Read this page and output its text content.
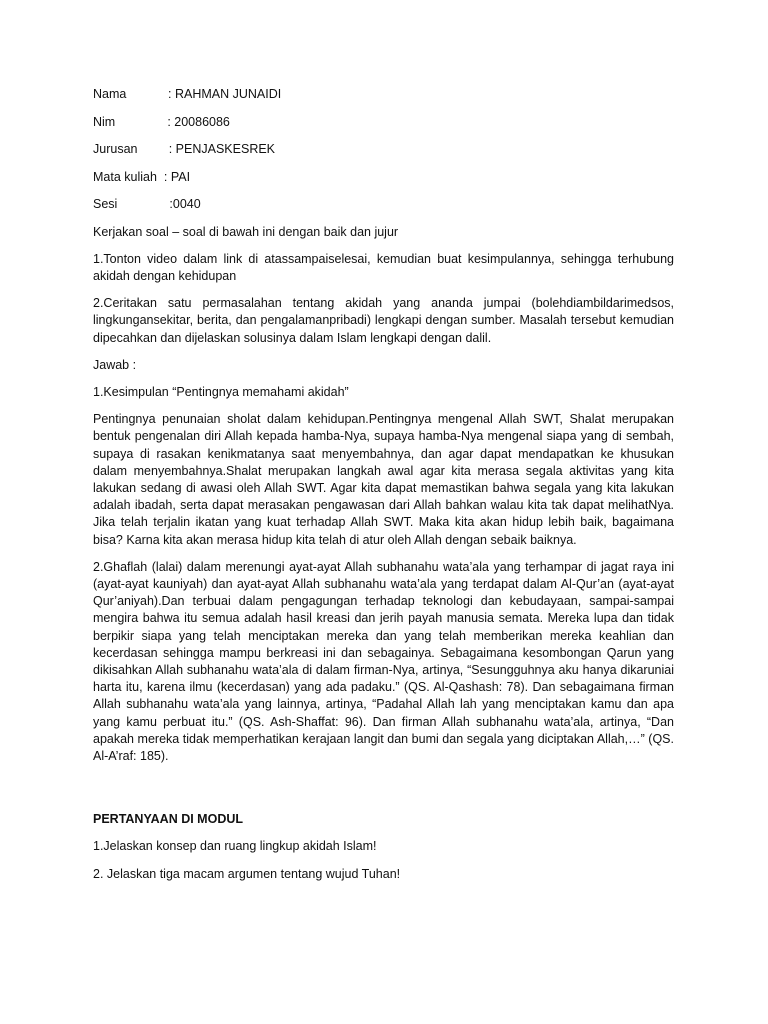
Nama : RAHMAN JUNAIDI
Nim : 20086086
Jurusan : PENJASKESREK
Mata kuliah : PAI
Sesi :0040

Kerjakan soal – soal di bawah ini dengan baik dan jujur

1.Tonton video dalam link di atassampaiselesai, kemudian buat kesimpulannya, sehingga terhubung akidah dengan kehidupan

2.Ceritakan satu permasalahan tentang akidah yang ananda jumpai (bolehdiambildarimedsos, lingkungansekitar, berita, dan pengalamanpribadi) lengkapi dengan sumber. Masalah tersebut kemudian dipecahkan dan dijelaskan solusinya dalam Islam lengkapi dengan dalil.

Jawab :

1.Kesimpulan “Pentingnya memahami akidah”

Pentingnya penunaian sholat dalam kehidupan.Pentingnya mengenal Allah SWT, Shalat merupakan bentuk pengenalan diri Allah kepada hamba-Nya, supaya hamba-Nya mengenal siapa yang di sembah, supaya di rasakan kenikmatanya saat menyembahnya, dan agar dapat mendapatkan ke khusukan dalam menyembahnya.Shalat merupakan langkah awal agar kita merasa segala aktivitas yang kita lakukan sedang di awasi oleh Allah SWT. Agar kita dapat memastikan bahwa segala yang kita lakukan adalah ibadah, serta dapat merasakan pengawasan dari Allah bahkan walau kita tak dapat melihatNya. Jika telah terjalin ikatan yang kuat terhadap Allah SWT. Maka kita akan hidup lebih baik, bagaimana bisa? Karna kita akan merasa hidup kita telah di atur oleh Allah dengan sebaik baiknya.

2.Ghaflah (lalai) dalam merenungi ayat-ayat Allah subhanahu wata’ala yang terhampar di jagat raya ini (ayat-ayat kauniyah) dan ayat-ayat Allah subhanahu wata’ala yang terdapat dalam Al-Qur’an (ayat-ayat Qur’aniyah).Dan terbuai dalam pengagungan terhadap teknologi dan kebudayaan, sampai-sampai mengira bahwa itu semua adalah hasil kreasi dan jerih payah manusia semata. Mereka lupa dan tidak berpikir siapa yang telah menciptakan mereka dan yang telah memberikan mereka keahlian dan kecerdasan sehingga mampu berkreasi ini dan sebagainya. Sebagaimana kesombongan Qarun yang dikisahkan Allah subhanahu wata’ala di dalam firman-Nya, artinya, “Sesungguhnya aku hanya dikaruniai harta itu, karena ilmu (kecerdasan) yang ada padaku.” (QS. Al-Qashash: 78). Dan sebagaimana firman Allah subhanahu wata’ala yang lainnya, artinya, “Padahal Allah lah yang menciptakan kamu dan apa yang kamu perbuat itu.” (QS. Ash-Shaffat: 96). Dan firman Allah subhanahu wata’ala, artinya, “Dan apakah mereka tidak memperhatikan kerajaan langit dan bumi dan segala yang diciptakan Allah,…” (QS. Al-A’raf: 185).

PERTANYAAN DI MODUL

1.Jelaskan konsep dan ruang lingkup akidah Islam!

2. Jelaskan tiga macam argumen tentang wujud Tuhan!
